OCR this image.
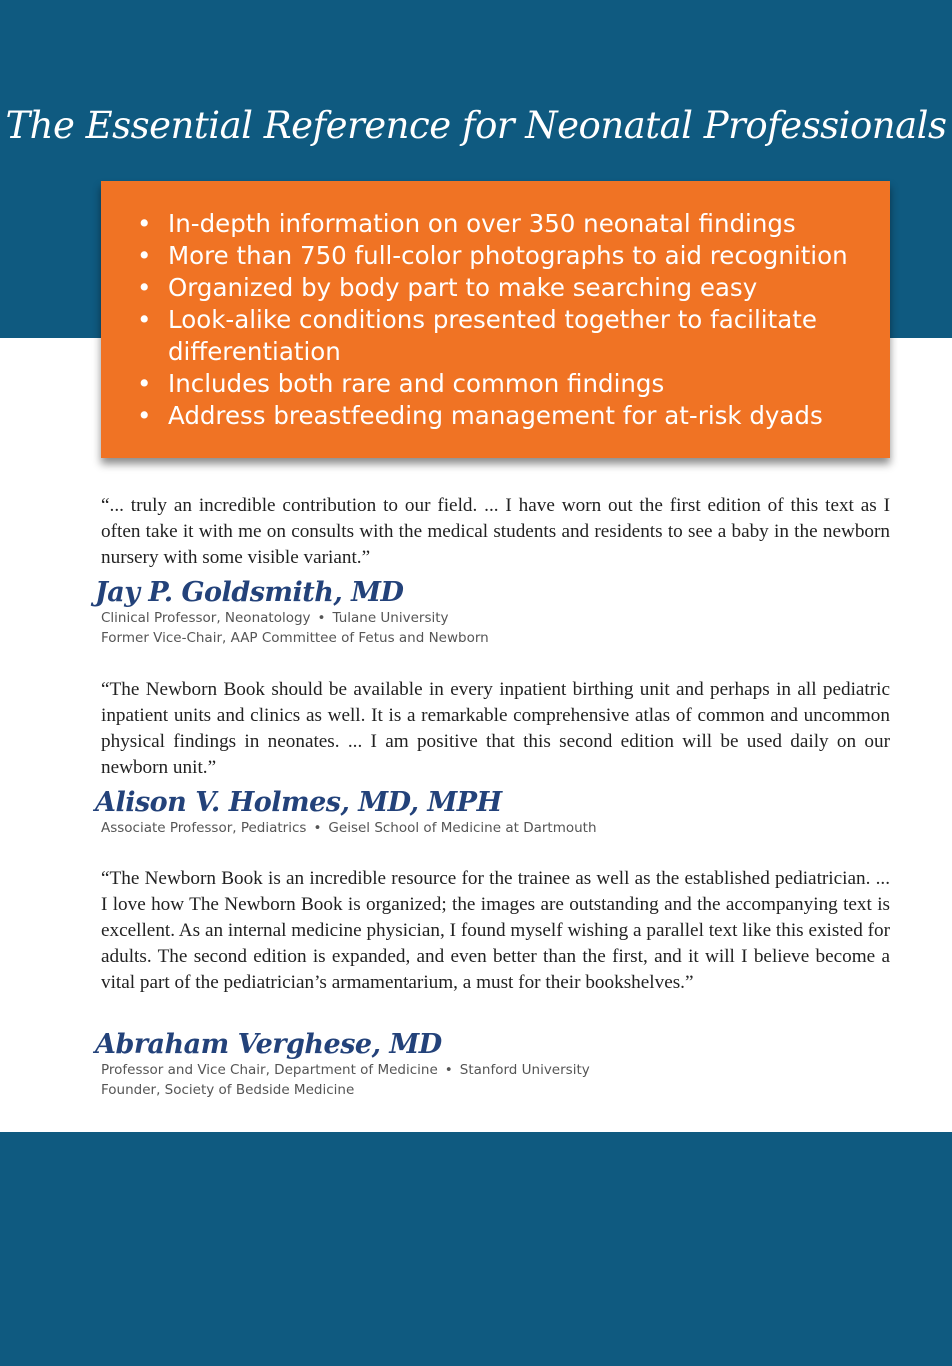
The Essential Reference for Neonatal Professionals
• In-depth information on over 350 neonatal findings
• More than 750 full-color photographs to aid recognition
• Organized by body part to make searching easy
• Look-alike conditions presented together to facilitate differentiation
• Includes both rare and common findings
• Address breastfeeding management for at-risk dyads
“... truly an incredible contribution to our field. ... I have worn out the first edition of this text as I often take it with me on consults with the medical students and residents to see a baby in the newborn nursery with some visible variant.”
Jay P. Goldsmith, MD
Clinical Professor, Neonatology • Tulane University
Former Vice-Chair, AAP Committee of Fetus and Newborn
“The Newborn Book should be available in every inpatient birthing unit and perhaps in all pediatric inpatient units and clinics as well. It is a remarkable comprehensive atlas of common and uncommon physical findings in neonates. ... I am positive that this second edition will be used daily on our newborn unit.”
Alison V. Holmes, MD, MPH
Associate Professor, Pediatrics • Geisel School of Medicine at Dartmouth
“The Newborn Book is an incredible resource for the trainee as well as the established pediatrician. ... I love how The Newborn Book is organized; the images are outstanding and the accompanying text is excellent. As an internal medicine physician, I found myself wishing a parallel text like this existed for adults. The second edition is expanded, and even better than the first, and it will I believe become a vital part of the pediatrician’s armamentarium, a must for their bookshelves.”
Abraham Verghese, MD
Professor and Vice Chair, Department of Medicine • Stanford University
Founder, Society of Bedside Medicine
